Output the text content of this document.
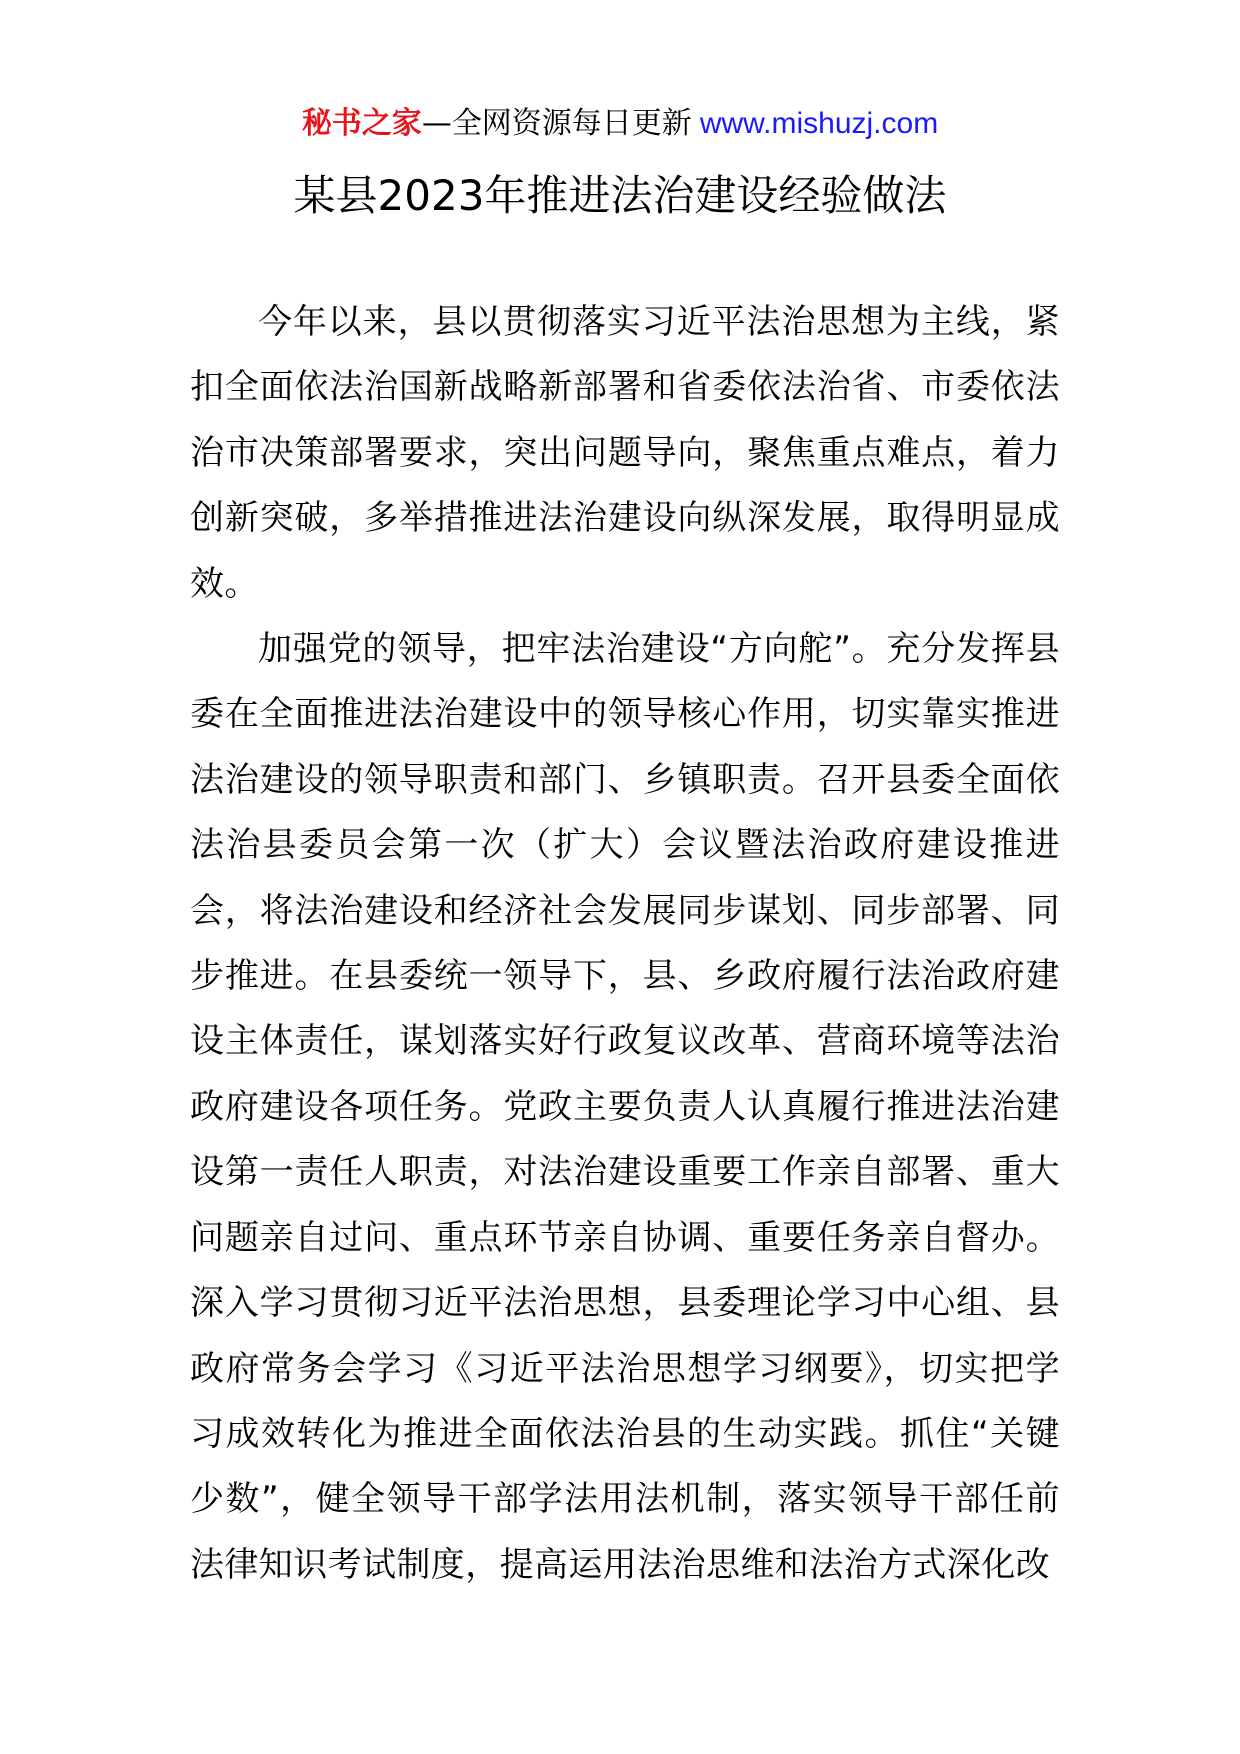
秘书之家—全网资源每日更新 www.mishuzj.com
某县2023年推进法治建设经验做法

今年以来，县以贯彻落实习近平法治思想为主线，紧扣全面依法治国新战略新部署和省委依法治省、市委依法治市决策部署要求，突出问题导向，聚焦重点难点，着力创新突破，多举措推进法治建设向纵深发展，取得明显成效。

加强党的领导，把牢法治建设“方向舵”。充分发挥县委在全面推进法治建设中的领导核心作用，切实靠实推进法治建设的领导职责和部门、乡镇职责。召开县委全面依法治县委员会第一次（扩大）会议暨法治政府建设推进会，将法治建设和经济社会发展同步谋划、同步部署、同步推进。在县委统一领导下，县、乡政府履行法治政府建设主体责任，谋划落实好行政复议改革、营商环境等法治政府建设各项任务。党政主要负责人认真履行推进法治建设第一责任人职责，对法治建设重要工作亲自部署、重大问题亲自过问、重点环节亲自协调、重要任务亲自督办。深入学习贯彻习近平法治思想，县委理论学习中心组、县政府常务会学习《习近平法治思想学习纲要》，切实把学习成效转化为推进全面依法治县的生动实践。抓住“关键少数”，健全领导干部学法用法机制，落实领导干部任前法律知识考试制度，提高运用法治思维和法治方式深化改
